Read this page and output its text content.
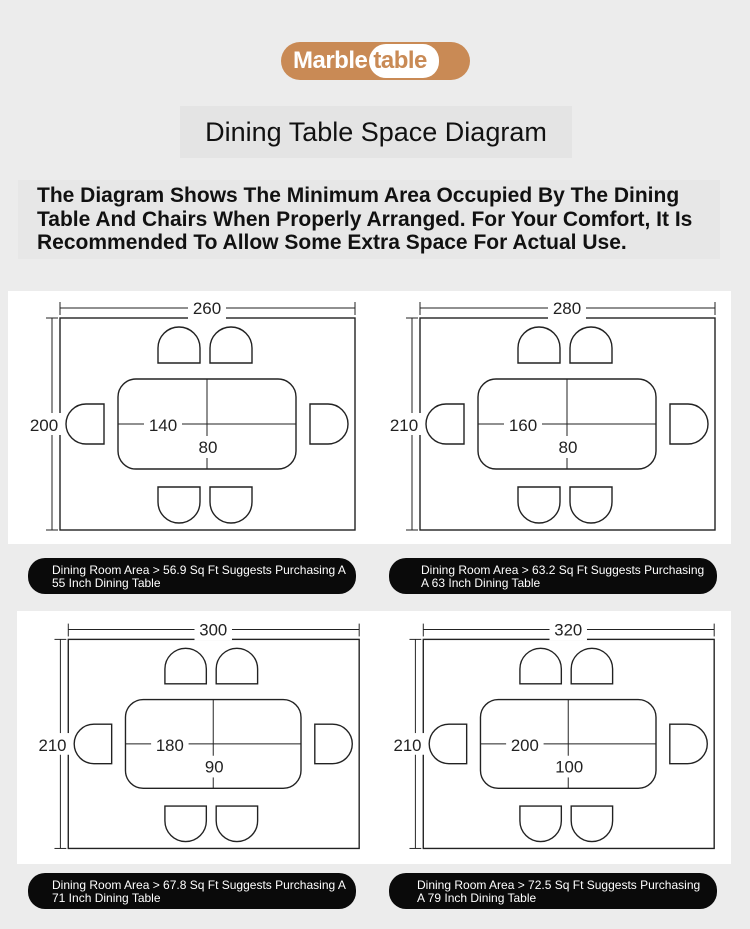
Marble table
Dining Table Space Diagram
The Diagram Shows The Minimum Area Occupied By The Dining Table And Chairs When Properly Arranged. For Your Comfort, It Is Recommended To Allow Some Extra Space For Actual Use.
260
200	140
80
280
210	160
80
Dining Room Area > 56.9 Sq Ft Suggests Purchasing A 55 Inch Dining Table
Dining Room Area > 63.2 Sq Ft Suggests Purchasing A 63 Inch Dining Table
300
210	180
90
320
210	200
100
Dining Room Area > 67.8 Sq Ft Suggests Purchasing A 71 Inch Dining Table
Dining Room Area > 72.5 Sq Ft Suggests Purchasing A 79 Inch Dining Table
